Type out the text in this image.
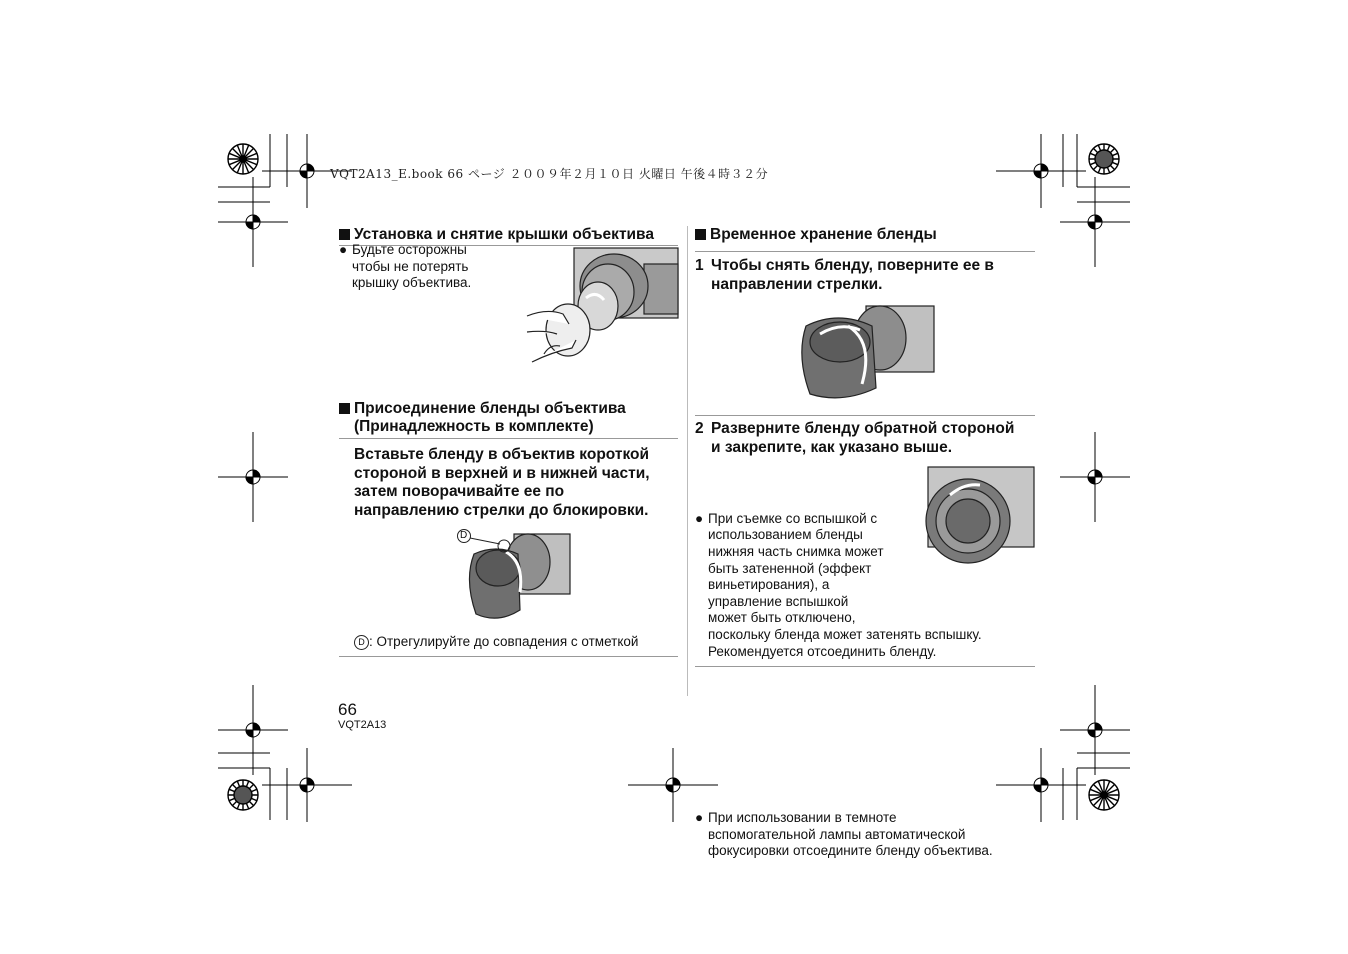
VQT2A13_E.book 66 ページ ２００９年２月１０日 火曜日 午後４時３２分
Установка и снятие крышки объектива
● Будьте осторожны
чтобы не потерять
крышку объектива.
Присоединение бленды объектива
(Принадлежность в комплекте)
Вставьте бленду в объектив короткой
стороной в верхней и в нижней части,
затем поворачивайте ее по
направлению стрелки до блокировки.
D
D : Отрегулируйте до совпадения с отметкой
Временное хранение бленды
1 Чтобы снять бленду, поверните ее в
направлении стрелки.
2 Разверните бленду обратной стороной
и закрепите, как указано выше.
● При съемке со вспышкой с
использованием бленды
нижняя часть снимка может
быть затененной (эффект
виньетирования), а
управление вспышкой
может быть отключено,
поскольку бленда может затенять вспышку.
Рекомендуется отсоединить бленду.
● При использовании в темноте
вспомогательной лампы автоматической
фокусировки отсоедините бленду объектива.
66
VQT2A13
